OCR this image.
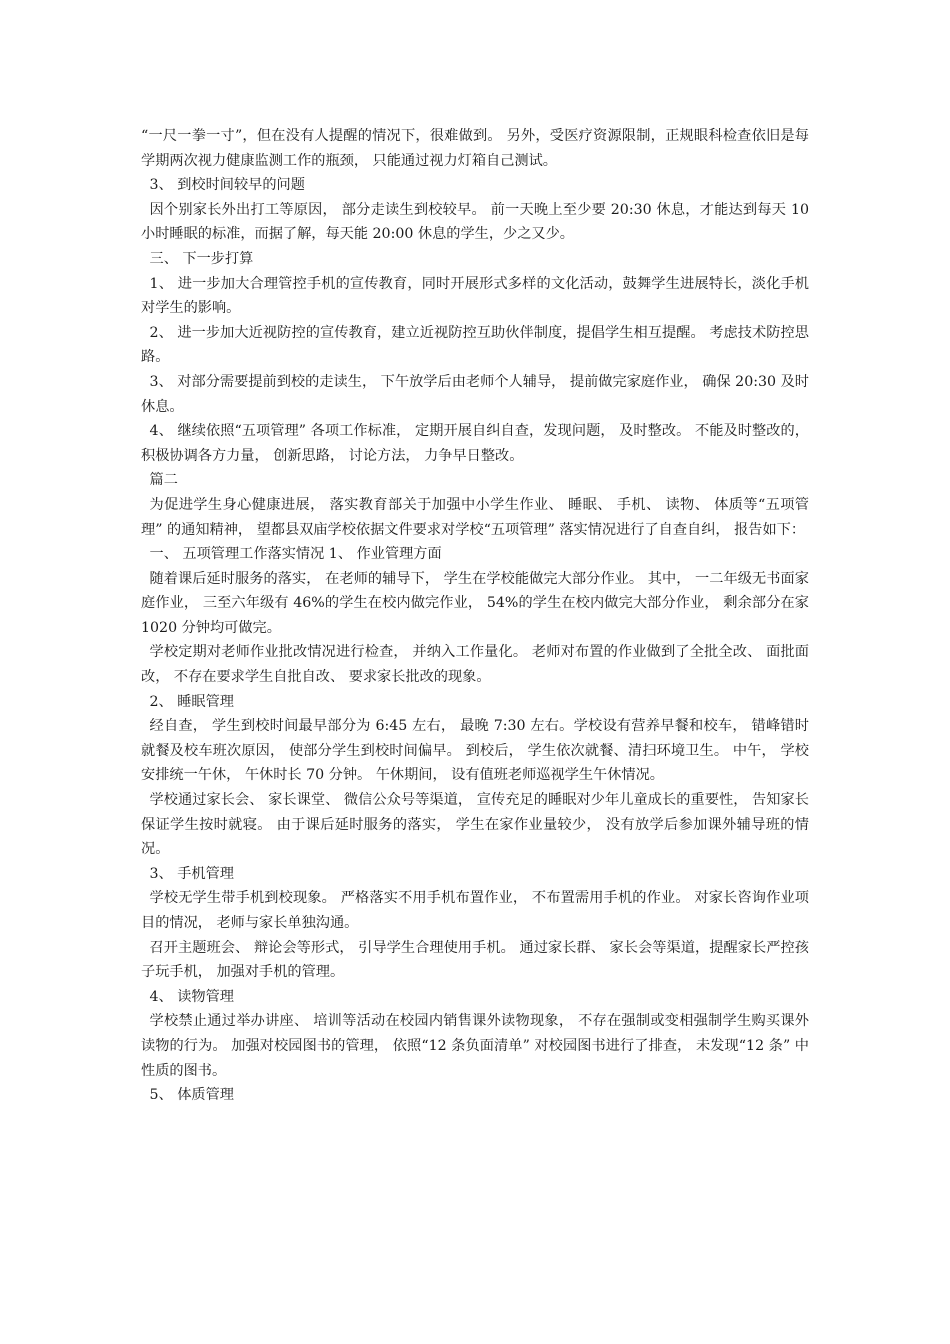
“一尺一拳一寸”，但在没有人提醒的情况下，很难做到。 另外，受医疗资源限制，正规眼科检查依旧是每学期两次视力健康监测工作的瓶颈， 只能通过视力灯箱自己测试。

3、 到校时间较早的问题

因个别家长外出打工等原因， 部分走读生到校较早。 前一天晚上至少要 20:30 休息，才能达到每天 10 小时睡眠的标准，而据了解，每天能 20:00 休息的学生，少之又少。

三、 下一步打算

1、 进一步加大合理管控手机的宣传教育，同时开展形式多样的文化活动，鼓舞学生进展特长，淡化手机对学生的影响。

2、 进一步加大近视防控的宣传教育，建立近视防控互助伙伴制度，提倡学生相互提醒。 考虑技术防控思路。

3、 对部分需要提前到校的走读生， 下午放学后由老师个人辅导， 提前做完家庭作业， 确保 20:30 及时休息。

4、 继续依照“五项管理” 各项工作标准， 定期开展自纠自查，发现问题， 及时整改。 不能及时整改的， 积极协调各方力量， 创新思路， 讨论方法， 力争早日整改。

篇二

为促进学生身心健康进展， 落实教育部关于加强中小学生作业、 睡眠、 手机、 读物、 体质等“五项管理” 的通知精神， 望都县双庙学校依据文件要求对学校“五项管理” 落实情况进行了自查自纠， 报告如下：

一、 五项管理工作落实情况 1、 作业管理方面

随着课后延时服务的落实， 在老师的辅导下， 学生在学校能做完大部分作业。 其中， 一二年级无书面家庭作业， 三至六年级有 46%的学生在校内做完作业， 54%的学生在校内做完大部分作业， 剩余部分在家 1020 分钟均可做完。

学校定期对老师作业批改情况进行检查， 并纳入工作量化。 老师对布置的作业做到了全批全改、 面批面改， 不存在要求学生自批自改、 要求家长批改的现象。

2、 睡眠管理

经自查， 学生到校时间最早部分为 6:45 左右， 最晚 7:30 左右。学校设有营养早餐和校车， 错峰错时就餐及校车班次原因， 使部分学生到校时间偏早。 到校后， 学生依次就餐、清扫环境卫生。 中午， 学校安排统一午休， 午休时长 70 分钟。 午休期间， 设有值班老师巡视学生午休情况。

学校通过家长会、 家长课堂、 微信公众号等渠道， 宣传充足的睡眠对少年儿童成长的重要性， 告知家长保证学生按时就寝。 由于课后延时服务的落实， 学生在家作业量较少， 没有放学后参加课外辅导班的情况。

3、 手机管理

学校无学生带手机到校现象。 严格落实不用手机布置作业， 不布置需用手机的作业。 对家长咨询作业项目的情况， 老师与家长单独沟通。

召开主题班会、 辩论会等形式， 引导学生合理使用手机。 通过家长群、 家长会等渠道，提醒家长严控孩子玩手机， 加强对手机的管理。

4、 读物管理

学校禁止通过举办讲座、 培训等活动在校园内销售课外读物现象， 不存在强制或变相强制学生购买课外读物的行为。 加强对校园图书的管理， 依照“12 条负面清单” 对校园图书进行了排查， 未发现“12 条” 中性质的图书。

5、 体质管理
